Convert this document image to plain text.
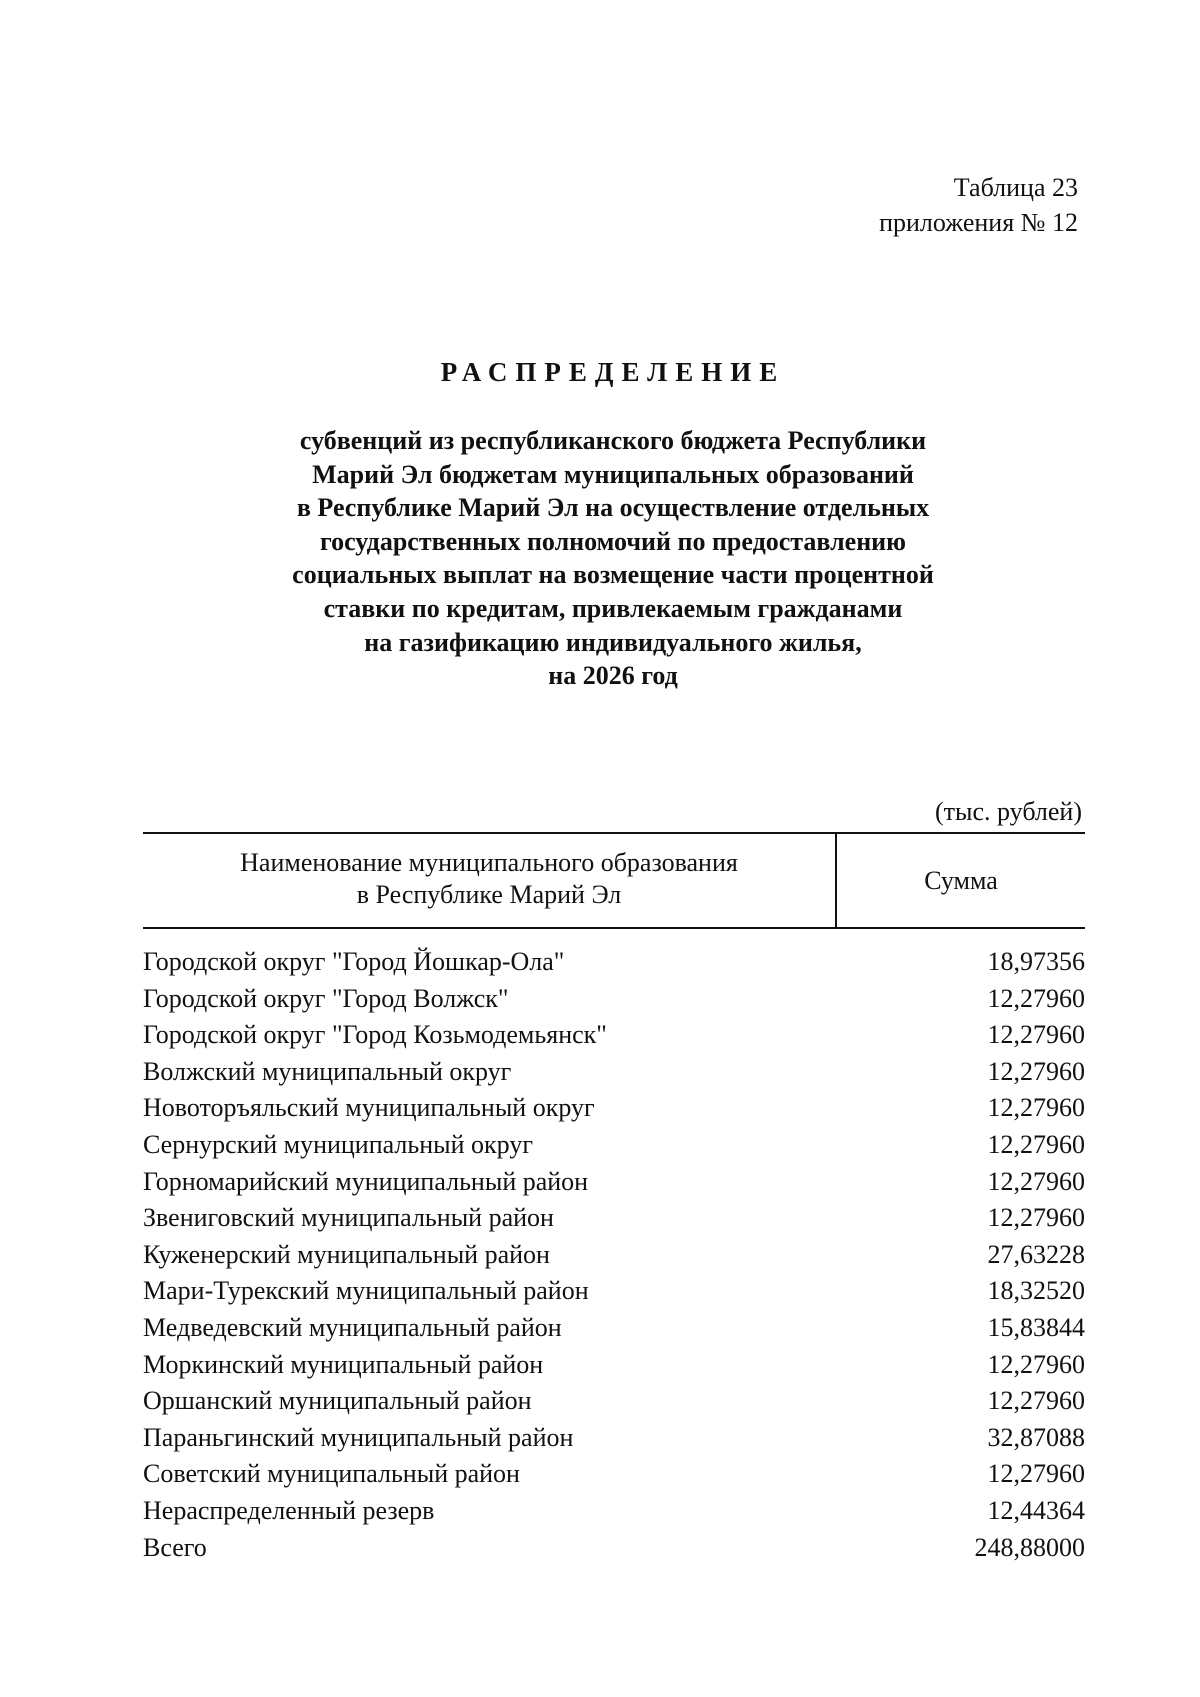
Таблица 23
приложения № 12
РАСПРЕДЕЛЕНИЕ
субвенций из республиканского бюджета Республики
Марий Эл бюджетам муниципальных образований
в Республике Марий Эл на осуществление отдельных
государственных полномочий по предоставлению
социальных выплат на возмещение части процентной
ставки по кредитам, привлекаемым гражданами
на газификацию индивидуального жилья,
на 2026 год
(тыс. рублей)
Наименование муниципального образования
в Республике Марий Эл	Сумма
Городской округ "Город Йошкар-Ола"	18,97356
Городской округ "Город Волжск"	12,27960
Городской округ "Город Козьмодемьянск"	12,27960
Волжский муниципальный округ	12,27960
Новоторъяльский муниципальный округ	12,27960
Сернурский муниципальный округ	12,27960
Горномарийский муниципальный район	12,27960
Звениговский муниципальный район	12,27960
Куженерский муниципальный район	27,63228
Мари-Турекский муниципальный район	18,32520
Медведевский муниципальный район	15,83844
Моркинский муниципальный район	12,27960
Оршанский муниципальный район	12,27960
Параньгинский муниципальный район	32,87088
Советский муниципальный район	12,27960
Нераспределенный резерв	12,44364
Всего	248,88000
